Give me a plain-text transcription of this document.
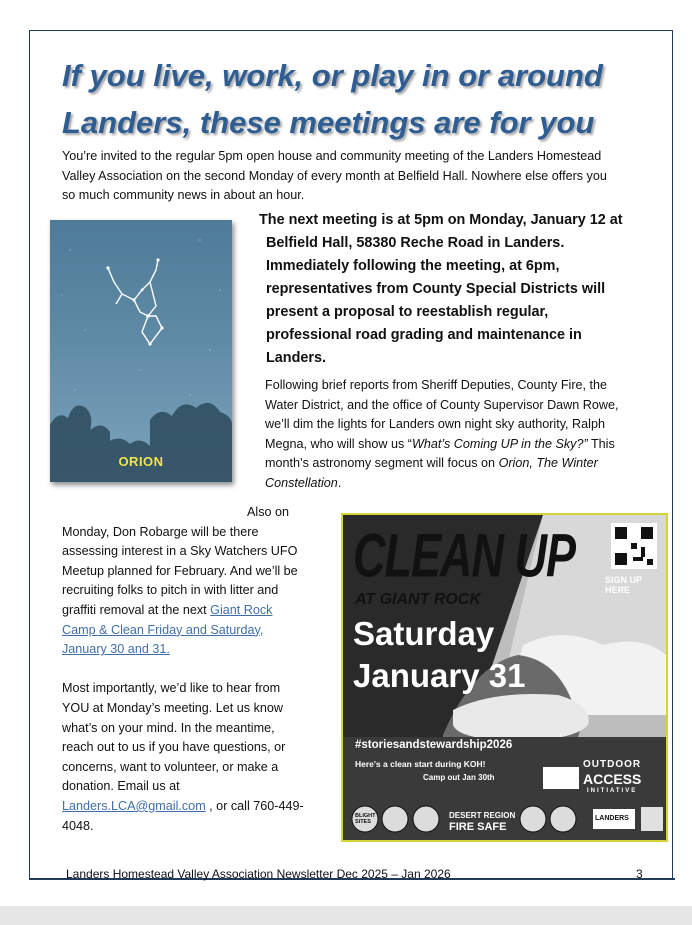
If you live, work, or play in or around
Landers, these meetings are for you
You’re invited to the regular 5pm open house and community meeting of the Landers Homestead
Valley Association on the second Monday of every month at Belfield Hall. Nowhere else offers you
so much community news in about an hour.
ORION
The next meeting is at 5pm on Monday, January 12 at
Belfield Hall, 58380 Reche Road in Landers.
Immediately following the meeting, at 6pm,
representatives from County Special Districts will
present a proposal to reestablish regular,
professional road grading and maintenance in
Landers.
Following brief reports from Sheriff Deputies, County Fire, the
Water District, and the office of County Supervisor Dawn Rowe,
we’ll dim the lights for Landers own night sky authority, Ralph
Megna, who will show us “What’s Coming UP in the Sky?” This
month’s astronomy segment will focus on Orion, The Winter
Constellation.
Also on
Monday, Don Robarge will be there
assessing interest in a Sky Watchers UFO
Meetup planned for February. And we’ll be
recruiting folks to pitch in with litter and
graffiti removal at the next Giant Rock
Camp & Clean Friday and Saturday,
January 30 and 31.

Most importantly, we’d like to hear from
YOU at Monday’s meeting. Let us know
what’s on your mind. In the meantime,
reach out to us if you have questions, or
concerns, want to volunteer, or make a
donation. Email us at
Landers.LCA@gmail.com , or call 760-449-
4048.
CLEAN UP
AT GIANT ROCK
Saturday
January 31
SIGN UP HERE
#storiesandstewardship2026
Here's a clean start during KOH!
Camp out Jan 30th
OUTDOOR
ACCESS
INITIATIVE
DESERT REGION
FIRE SAFE
BLIGHT SITES	LANDERS
Landers Homestead Valley Association Newsletter Dec 2025 – Jan 2026	3
